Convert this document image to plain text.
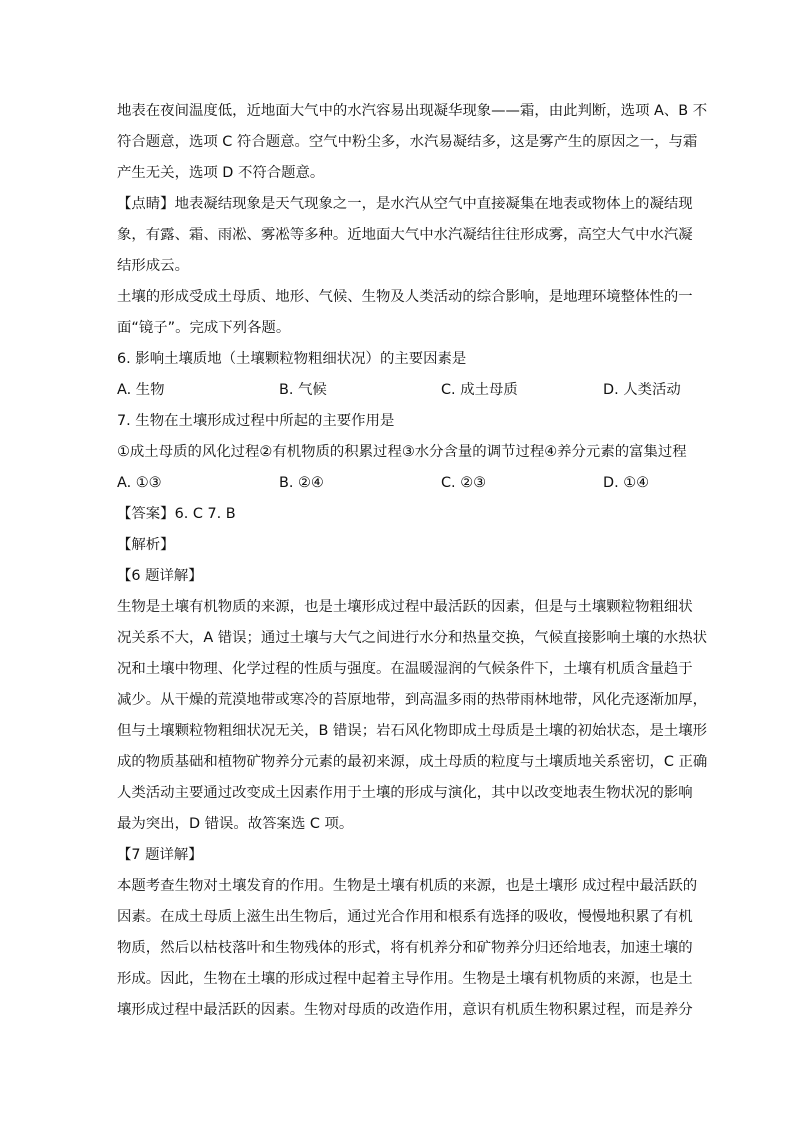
地表在夜间温度低，近地面大气中的水汽容易出现凝华现象——霜，由此判断，选项 A、B 不

符合题意，选项 C 符合题意。空气中粉尘多，水汽易凝结多，这是雾产生的原因之一，与霜

产生无关，选项 D 不符合题意。

【点睛】地表凝结现象是天气现象之一，是水汽从空气中直接凝集在地表或物体上的凝结现

象，有露、霜、雨凇、雾凇等多种。近地面大气中水汽凝结往往形成雾，高空大气中水汽凝

结形成云。

土壤的形成受成土母质、地形、气候、生物及人类活动的综合影响，是地理环境整体性的一

面“镜子”。完成下列各题。

6. 影响土壤质地（土壤颗粒物粗细状况）的主要因素是

A. 生物	B. 气候	C. 成土母质	D. 人类活动

7. 生物在土壤形成过程中所起的主要作用是

①成土母质的风化过程②有机物质的积累过程③水分含量的调节过程④养分元素的富集过程

A. ①③	B. ②④	C. ②③	D. ①④

【答案】6. C 7. B

【解析】

【6 题详解】

生物是土壤有机物质的来源，也是土壤形成过程中最活跃的因素，但是与土壤颗粒物粗细状

况关系不大，A 错误；通过土壤与大气之间进行水分和热量交换，气候直接影响土壤的水热状

况和土壤中物理、化学过程的性质与强度。在温暖湿润的气候条件下，土壤有机质含量趋于

减少。从干燥的荒漠地带或寒冷的苔原地带，到高温多雨的热带雨林地带，风化壳逐渐加厚，

但与土壤颗粒物粗细状况无关，B 错误；岩石风化物即成土母质是土壤的初始状态，是土壤形

成的物质基础和植物矿物养分元素的最初来源，成土母质的粒度与土壤质地关系密切，C 正确

人类活动主要通过改变成土因素作用于土壤的形成与演化，其中以改变地表生物状况的影响

最为突出，D 错误。故答案选 C 项。

【7 题详解】

本题考查生物对土壤发育的作用。生物是土壤有机质的来源，也是土壤形 成过程中最活跃的

因素。在成土母质上滋生出生物后，通过光合作用和根系有选择的吸收，慢慢地积累了有机

物质，然后以枯枝落叶和生物残体的形式，将有机养分和矿物养分归还给地表，加速土壤的

形成。因此，生物在土壤的形成过程中起着主导作用。生物是土壤有机物质的来源，也是土

壤形成过程中最活跃的因素。生物对母质的改造作用，意识有机质生物积累过程，而是养分
